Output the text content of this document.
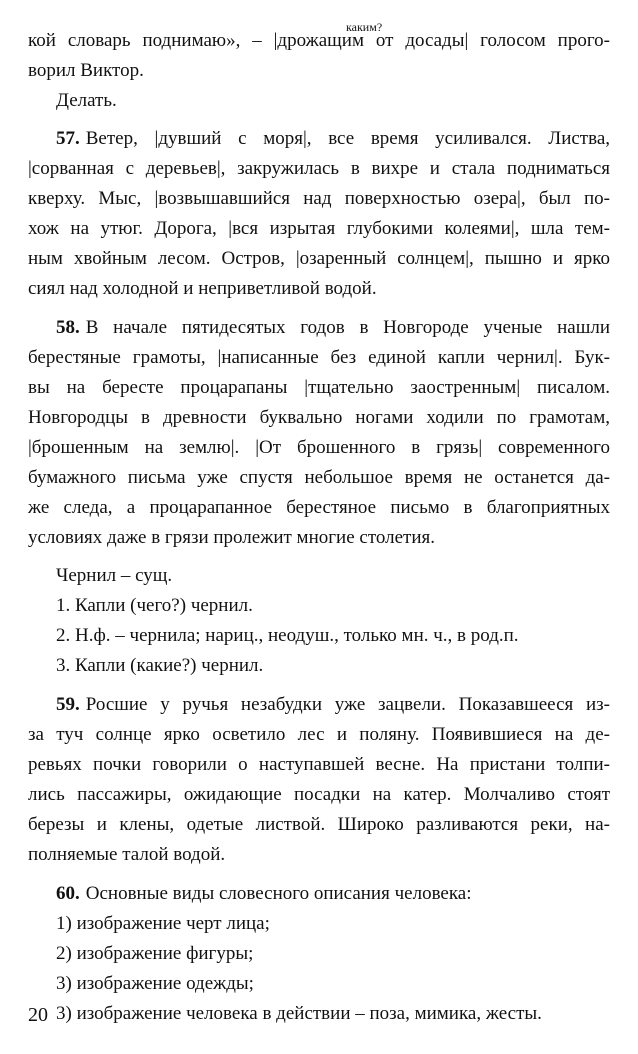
каким?
кой словарь поднимаю», – |дрожащим от досады| голосом прого-
ворил Виктор.
Делать.
57. Ветер, |дувший с моря|, все время усиливался. Листва,
|сорванная с деревьев|, закружилась в вихре и стала подниматься
кверху. Мыс, |возвышавшийся над поверхностью озера|, был по-
хож на утюг. Дорога, |вся изрытая глубокими колеями|, шла тем-
ным хвойным лесом. Остров, |озаренный солнцем|, пышно и ярко
сиял над холодной и неприветливой водой.
58. В начале пятидесятых годов в Новгороде ученые нашли
берестяные грамоты, |написанные без единой капли чернил|. Бук-
вы на бересте процарапаны |тщательно заостренным| писалом.
Новгородцы в древности буквально ногами ходили по грамотам,
|брошенным на землю|. |От брошенного в грязь| современного
бумажного письма уже спустя небольшое время не останется да-
же следа, а процарапанное берестяное письмо в благоприятных
условиях даже в грязи пролежит многие столетия.
Чернил – сущ.
1. Капли (чего?) чернил.
2. Н.ф. – чернила; нариц., неодуш., только мн. ч., в род.п.
3. Капли (какие?) чернил.
59. Росшие у ручья незабудки уже зацвели. Показавшееся из-
за туч солнце ярко осветило лес и поляну. Появившиеся на де-
ревьях почки говорили о наступавшей весне. На пристани толпи-
лись пассажиры, ожидающие посадки на катер. Молчаливо стоят
березы и клены, одетые листвой. Широко разливаются реки, на-
полняемые талой водой.
60. Основные виды словесного описания человека:
1) изображение черт лица;
2) изображение фигуры;
3) изображение одежды;
3) изображение человека в действии – поза, мимика, жесты.
20
